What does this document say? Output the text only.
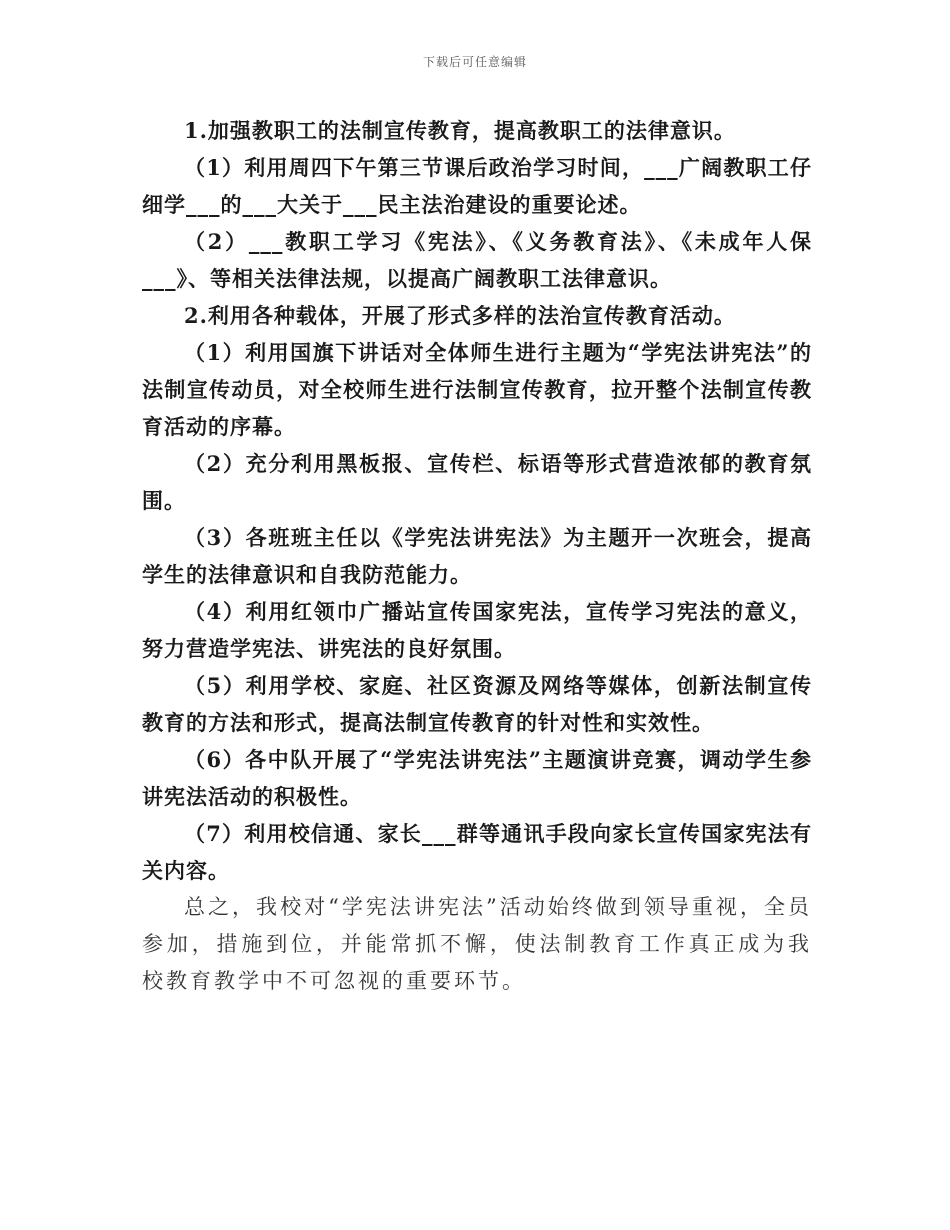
下载后可任意编辑

1.加强教职工的法制宣传教育，提高教职工的法律意识。

（1）利用周四下午第三节课后政治学习时间，___广阔教职工仔细学___的___大关于___民主法治建设的重要论述。

（2）___教职工学习《宪法》、《义务教育法》、《未成年人保___》、等相关法律法规，以提高广阔教职工法律意识。

2.利用各种载体，开展了形式多样的法治宣传教育活动。

（1）利用国旗下讲话对全体师生进行主题为“学宪法讲宪法”的法制宣传动员，对全校师生进行法制宣传教育，拉开整个法制宣传教育活动的序幕。

（2）充分利用黑板报、宣传栏、标语等形式营造浓郁的教育氛围。

（3）各班班主任以《学宪法讲宪法》为主题开一次班会，提高学生的法律意识和自我防范能力。

（4）利用红领巾广播站宣传国家宪法，宣传学习宪法的意义，努力营造学宪法、讲宪法的良好氛围。

（5）利用学校、家庭、社区资源及网络等媒体，创新法制宣传教育的方法和形式，提高法制宣传教育的针对性和实效性。

（6）各中队开展了“学宪法讲宪法”主题演讲竞赛，调动学生参讲宪法活动的积极性。

（7）利用校信通、家长___群等通讯手段向家长宣传国家宪法有关内容。

总之，我校对“学宪法讲宪法”活动始终做到领导重视，全员参加，措施到位，并能常抓不懈，使法制教育工作真正成为我校教育教学中不可忽视的重要环节。
